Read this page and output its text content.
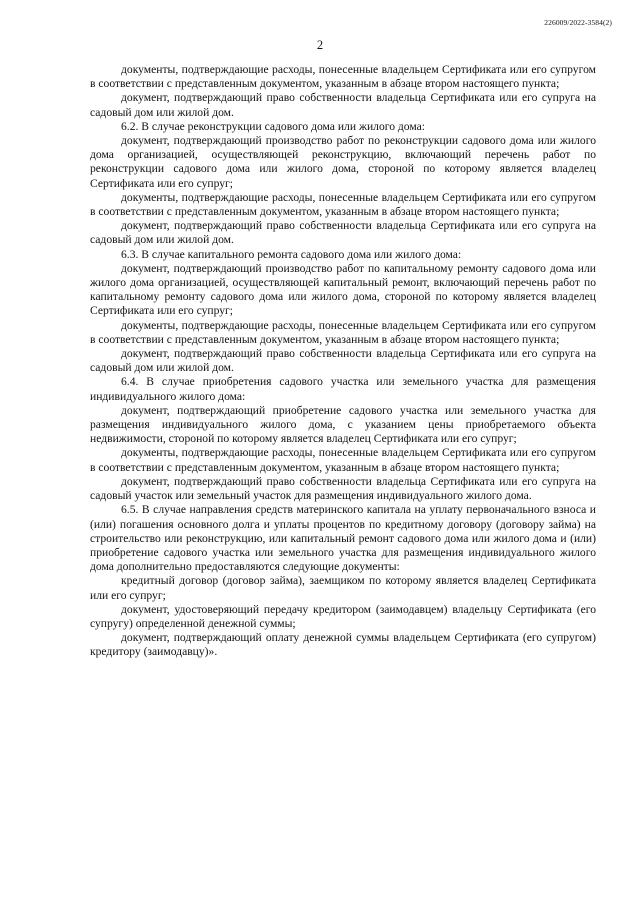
226009/2022-3584(2)
2

документы, подтверждающие расходы, понесенные владельцем Сертификата или его супругом в соответствии с представленным документом, указанным в абзаце втором настоящего пункта;

документ, подтверждающий право собственности владельца Сертификата или его супруга на садовый дом или жилой дом.

6.2. В случае реконструкции садового дома или жилого дома:

документ, подтверждающий производство работ по реконструкции садового дома или жилого дома организацией, осуществляющей реконструкцию, включающий перечень работ по реконструкции садового дома или жилого дома, стороной по которому является владелец Сертификата или его супруг;

документы, подтверждающие расходы, понесенные владельцем Сертификата или его супругом в соответствии с представленным документом, указанным в абзаце втором настоящего пункта;

документ, подтверждающий право собственности владельца Сертификата или его супруга на садовый дом или жилой дом.

6.3. В случае капитального ремонта садового дома или жилого дома:

документ, подтверждающий производство работ по капитальному ремонту садового дома или жилого дома организацией, осуществляющей капитальный ремонт, включающий перечень работ по капитальному ремонту садового дома или жилого дома, стороной по которому является владелец Сертификата или его супруг;

документы, подтверждающие расходы, понесенные владельцем Сертификата или его супругом в соответствии с представленным документом, указанным в абзаце втором настоящего пункта;

документ, подтверждающий право собственности владельца Сертификата или его супруга на садовый дом или жилой дом.

6.4. В случае приобретения садового участка или земельного участка для размещения индивидуального жилого дома:

документ, подтверждающий приобретение садового участка или земельного участка для размещения индивидуального жилого дома, с указанием цены приобретаемого объекта недвижимости, стороной по которому является владелец Сертификата или его супруг;

документы, подтверждающие расходы, понесенные владельцем Сертификата или его супругом в соответствии с представленным документом, указанным в абзаце втором настоящего пункта;

документ, подтверждающий право собственности владельца Сертификата или его супруга на садовый участок или земельный участок для размещения индивидуального жилого дома.

6.5. В случае направления средств материнского капитала на уплату первоначального взноса и (или) погашения основного долга и уплаты процентов по кредитному договору (договору займа) на строительство или реконструкцию, или капитальный ремонт садового дома или жилого дома и (или) приобретение садового участка или земельного участка для размещения индивидуального жилого дома дополнительно предоставляются следующие документы:

кредитный договор (договор займа), заемщиком по которому является владелец Сертификата или его супруг;

документ, удостоверяющий передачу кредитором (заимодавцем) владельцу Сертификата (его супругу) определенной денежной суммы;

документ, подтверждающий оплату денежной суммы владельцем Сертификата (его супругом) кредитору (заимодавцу)».
